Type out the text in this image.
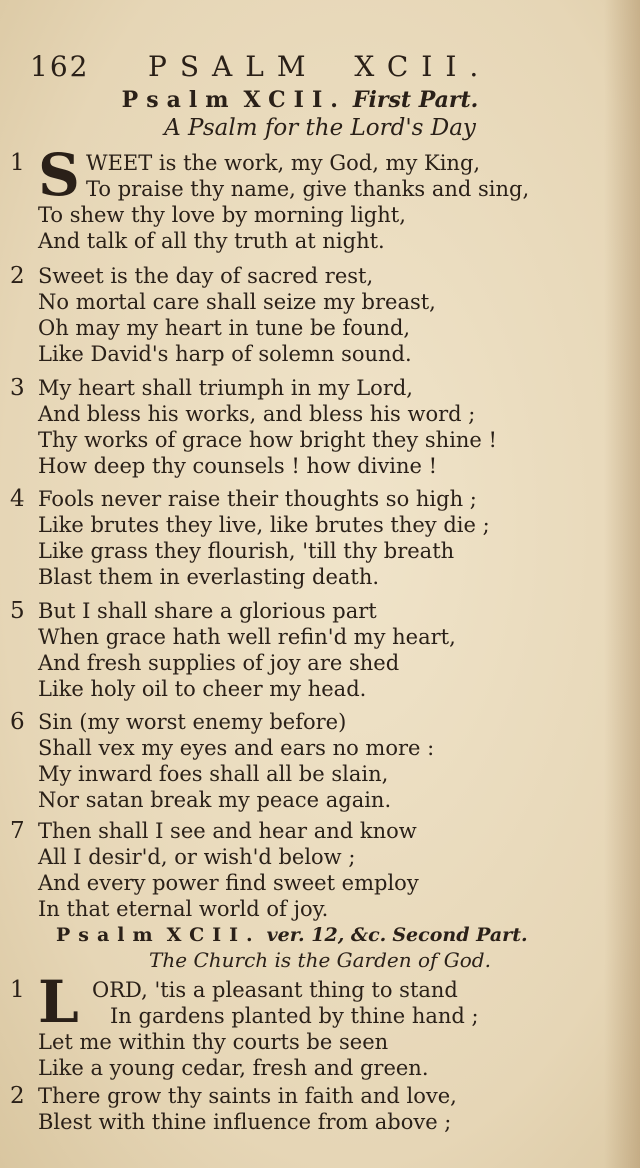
162 PSALM XCII.
Psalm XCII. First Part.
A Psalm for the Lord's Day
1 S WEET is the work, my God, my King,
To praise thy name, give thanks and sing,
To shew thy love by morning light,
And talk of all thy truth at night.
2 Sweet is the day of sacred rest,
No mortal care shall seize my breast,
Oh may my heart in tune be found,
Like David's harp of solemn sound.
3 My heart shall triumph in my Lord,
And bless his works, and bless his word ;
Thy works of grace how bright they shine !
How deep thy counsels ! how divine !
4 Fools never raise their thoughts so high ;
Like brutes they live, like brutes they die ;
Like grass they flourish, 'till thy breath
Blast them in everlasting death.
5 But I shall share a glorious part
When grace hath well refin'd my heart,
And fresh supplies of joy are shed
Like holy oil to cheer my head.
6 Sin (my worst enemy before)
Shall vex my eyes and ears no more :
My inward foes shall all be slain,
Nor satan break my peace again.
7 Then shall I see and hear and know
All I desir'd, or wish'd below ;
And every power find sweet employ
In that eternal world of joy.
Psalm XCII. ver. 12, &c. Second Part.
The Church is the Garden of God.
1 L ORD, 'tis a pleasant thing to stand
In gardens planted by thine hand ;
Let me within thy courts be seen
Like a young cedar, fresh and green.
2 There grow thy saints in faith and love,
Blest with thine influence from above ;
